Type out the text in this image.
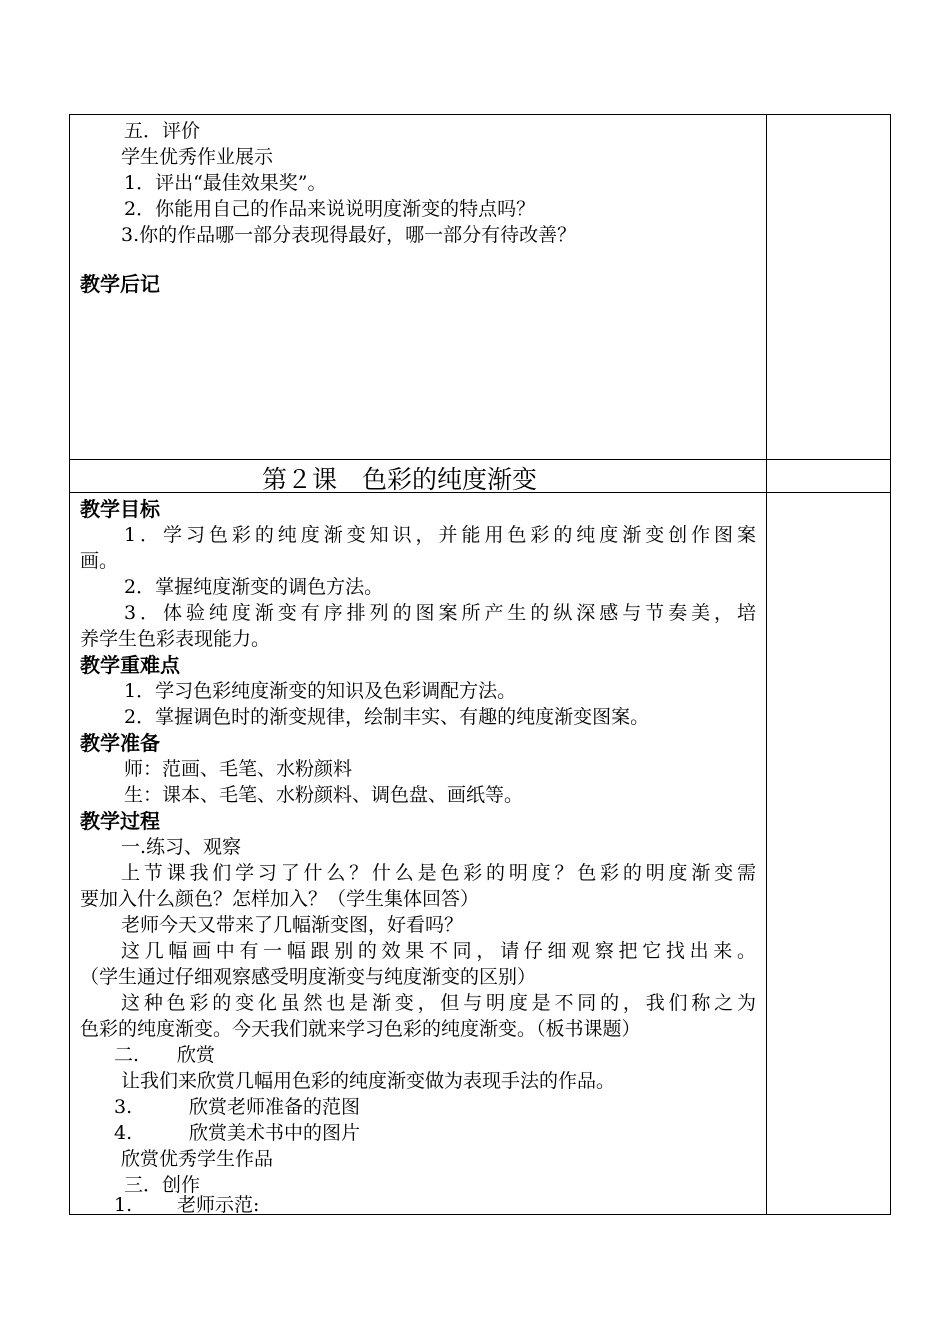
五．评价
学生优秀作业展示
1．评出“最佳效果奖”。
2．你能用自己的作品来说说明度渐变的特点吗？
3.你的作品哪一部分表现得最好，哪一部分有待改善？
教学后记
第２课　色彩的纯度渐变
教学目标
1．学习色彩的纯度渐变知识，并能用色彩的纯度渐变创作图案
画。
2．掌握纯度渐变的调色方法。
3．体验纯度渐变有序排列的图案所产生的纵深感与节奏美，培
养学生色彩表现能力。
教学重难点
1．学习色彩纯度渐变的知识及色彩调配方法。
2．掌握调色时的渐变规律，绘制丰实、有趣的纯度渐变图案。
教学准备
师：范画、毛笔、水粉颜料
生：课本、毛笔、水粉颜料、调色盘、画纸等。
教学过程
一.练习、观察
上节课我们学习了什么？什么是色彩的明度？色彩的明度渐变需
要加入什么颜色？怎样加入？（学生集体回答）
老师今天又带来了几幅渐变图，好看吗？
这几幅画中有一幅跟别的效果不同，请仔细观察把它找出来。
（学生通过仔细观察感受明度渐变与纯度渐变的区别）
这种色彩的变化虽然也是渐变，但与明度是不同的，我们称之为
色彩的纯度渐变。今天我们就来学习色彩的纯度渐变。（板书课题）
二. 欣赏
让我们来欣赏几幅用色彩的纯度渐变做为表现手法的作品。
3.	欣赏老师准备的范图
4.	欣赏美术书中的图片
欣赏优秀学生作品
三．创作
1. 老师示范:
